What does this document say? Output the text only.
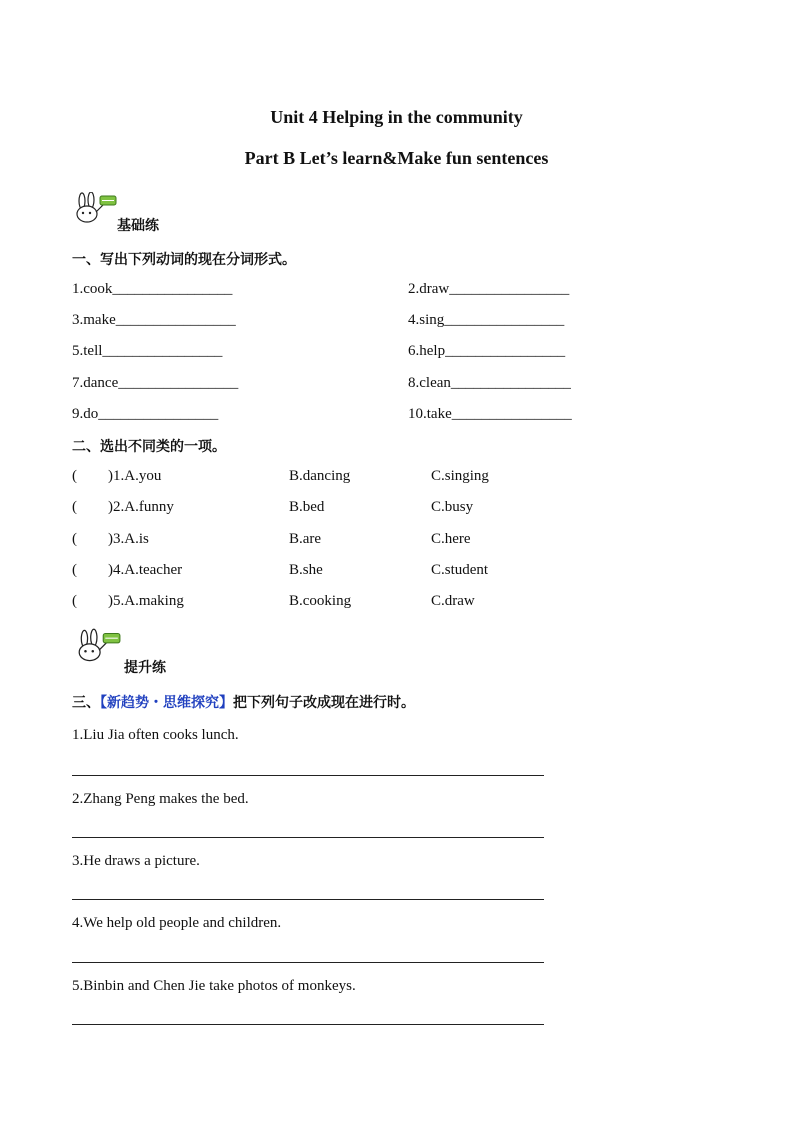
Unit 4 Helping in the community
Part B Let’s learn&Make fun sentences
基础练
一、写出下列动词的现在分词形式。
1.cook________________	2.draw________________
3.make________________	4.sing________________
5.tell________________	6.help________________
7.dance________________	8.clean________________
9.do________________	10.take________________
二、选出不同类的一项。
( )1.A.you	B.dancing	C.singing
( )2.A.funny	B.bed	C.busy
( )3.A.is	B.are	C.here
( )4.A.teacher	B.she	C.student
( )5.A.making	B.cooking	C.draw
提升练
三、【新趋势・思维探究】把下列句子改成现在进行时。
1.Liu Jia often cooks lunch.
2.Zhang Peng makes the bed.
3.He draws a picture.
4.We help old people and children.
5.Binbin and Chen Jie take photos of monkeys.
